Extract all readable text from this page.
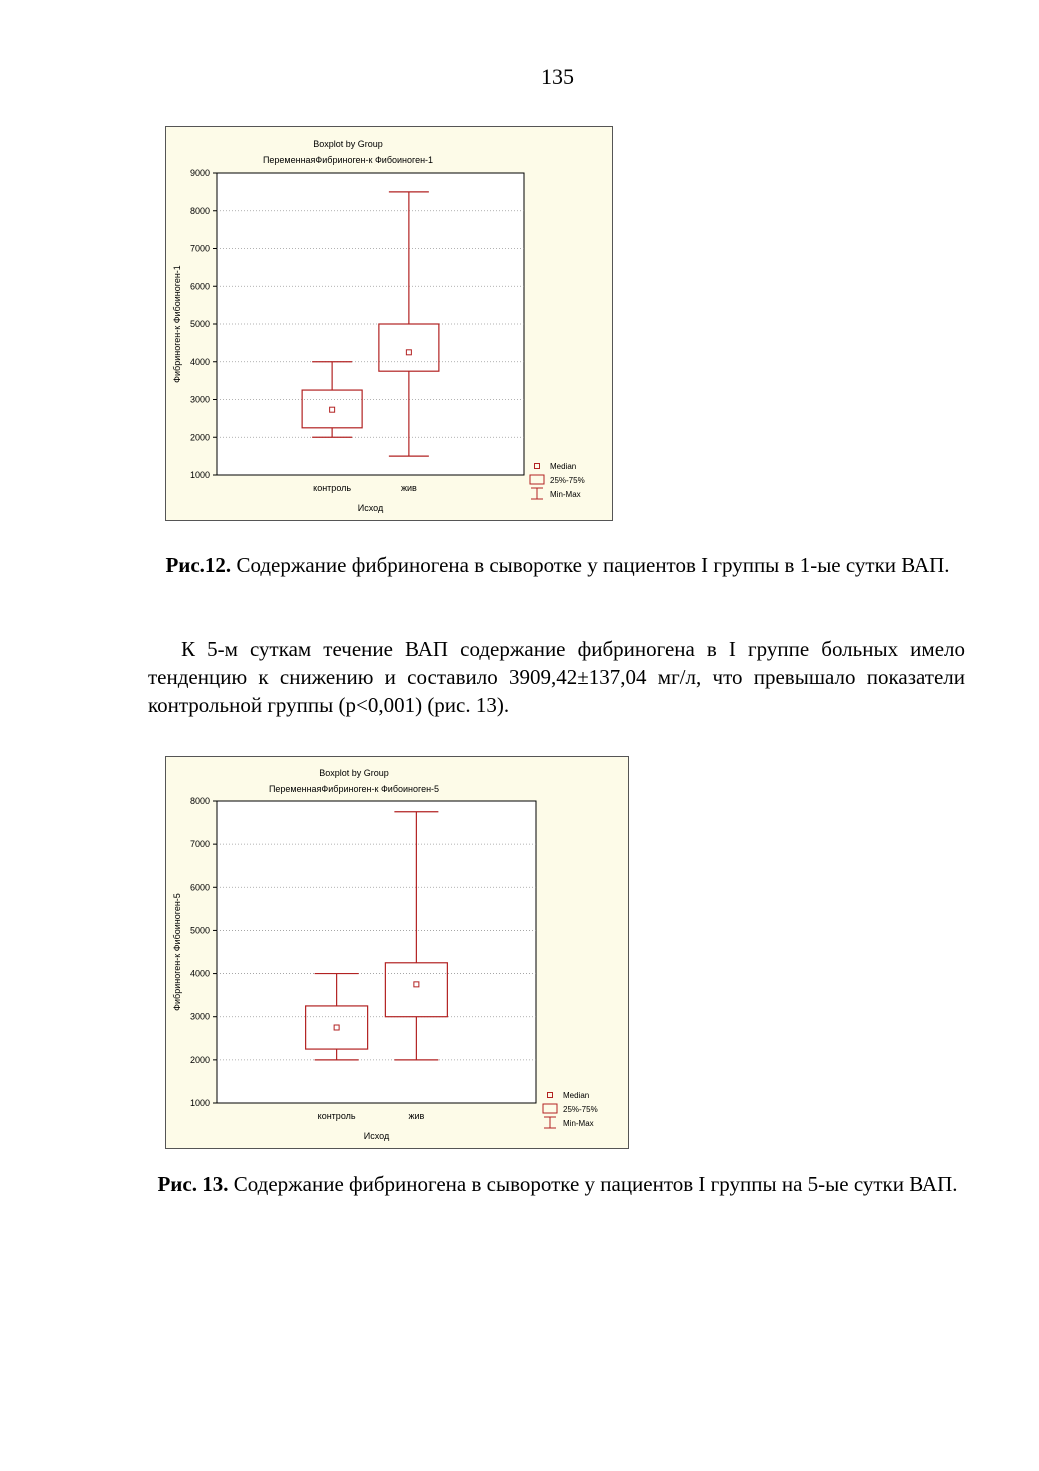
135
Boxplot by Group
ПеременнаяФибриноген-к Фибоиноген-1
1000
2000
3000
4000
5000
6000
7000
8000
9000
Фибриноген-к Фибоиноген-1
контроль	жив
Исход
Median
25%-75%
Min-Max
Рис.12. Содержание фибриногена в сыворотке у пациентов I группы в 1-ые сутки ВАП.
К 5-м суткам течение ВАП содержание фибриногена в I группе больных имело тенденцию к снижению и составило 3909,42±137,04 мг/л, что превышало показатели контрольной группы (p<0,001) (рис. 13).
Boxplot by Group
ПеременнаяФибриноген-к Фибоиноген-5
1000
2000
3000
4000
5000
6000
7000
8000
Фибриноген-к Фибоиноген-5
контроль	жив
Исход
Median
25%-75%
Min-Max
Рис. 13. Содержание фибриногена в сыворотке у пациентов I группы на 5-ые сутки ВАП.
